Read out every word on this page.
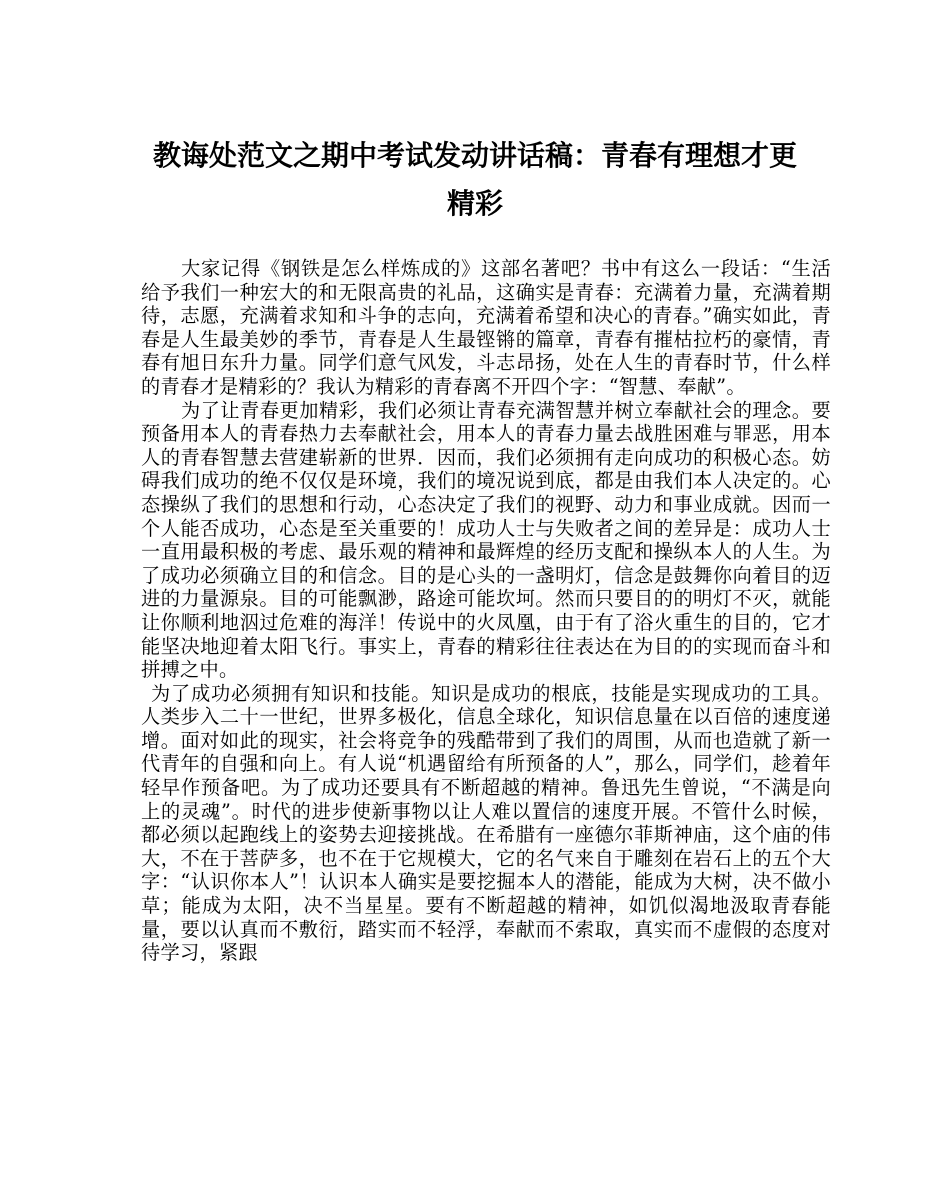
教诲处范文之期中考试发动讲话稿：青春有理想才更精彩

大家记得《钢铁是怎么样炼成的》这部名著吧？书中有这么一段话：“生活给予我们一种宏大的和无限高贵的礼品，这确实是青春：充满着力量，充满着期待，志愿，充满着求知和斗争的志向，充满着希望和决心的青春。”确实如此，青春是人生最美妙的季节，青春是人生最铿锵的篇章，青春有摧枯拉朽的豪情，青春有旭日东升力量。同学们意气风发，斗志昂扬，处在人生的青春时节，什么样的青春才是精彩的？我认为精彩的青春离不开四个字：“智慧、奉献”。

为了让青春更加精彩，我们必须让青春充满智慧并树立奉献社会的理念。要预备用本人的青春热力去奉献社会，用本人的青春力量去战胜困难与罪恶，用本人的青春智慧去营建崭新的世界．因而，我们必须拥有走向成功的积极心态。妨碍我们成功的绝不仅仅是环境，我们的境况说到底，都是由我们本人决定的。心态操纵了我们的思想和行动，心态决定了我们的视野、动力和事业成就。因而一个人能否成功，心态是至关重要的！成功人士与失败者之间的差异是：成功人士一直用最积极的考虑、最乐观的精神和最辉煌的经历支配和操纵本人的人生。为了成功必须确立目的和信念。目的是心头的一盏明灯，信念是鼓舞你向着目的迈进的力量源泉。目的可能飘渺，路途可能坎坷。然而只要目的的明灯不灭，就能让你顺利地泅过危难的海洋！传说中的火凤凰，由于有了浴火重生的目的，它才能坚决地迎着太阳飞行。事实上，青春的精彩往往表达在为目的的实现而奋斗和拼搏之中。

为了成功必须拥有知识和技能。知识是成功的根底，技能是实现成功的工具。人类步入二十一世纪，世界多极化，信息全球化，知识信息量在以百倍的速度递增。面对如此的现实，社会将竞争的残酷带到了我们的周围，从而也造就了新一代青年的自强和向上。有人说“机遇留给有所预备的人”，那么，同学们，趁着年轻早作预备吧。为了成功还要具有不断超越的精神。鲁迅先生曾说，“不满是向上的灵魂”。时代的进步使新事物以让人难以置信的速度开展。不管什么时候，都必须以起跑线上的姿势去迎接挑战。在希腊有一座德尔菲斯神庙，这个庙的伟大，不在于菩萨多，也不在于它规模大，它的名气来自于雕刻在岩石上的五个大字：“认识你本人”！认识本人确实是要挖掘本人的潜能，能成为大树，决不做小草；能成为太阳，决不当星星。要有不断超越的精神，如饥似渴地汲取青春能量，要以认真而不敷衍，踏实而不轻浮，奉献而不索取，真实而不虚假的态度对待学习，紧跟
